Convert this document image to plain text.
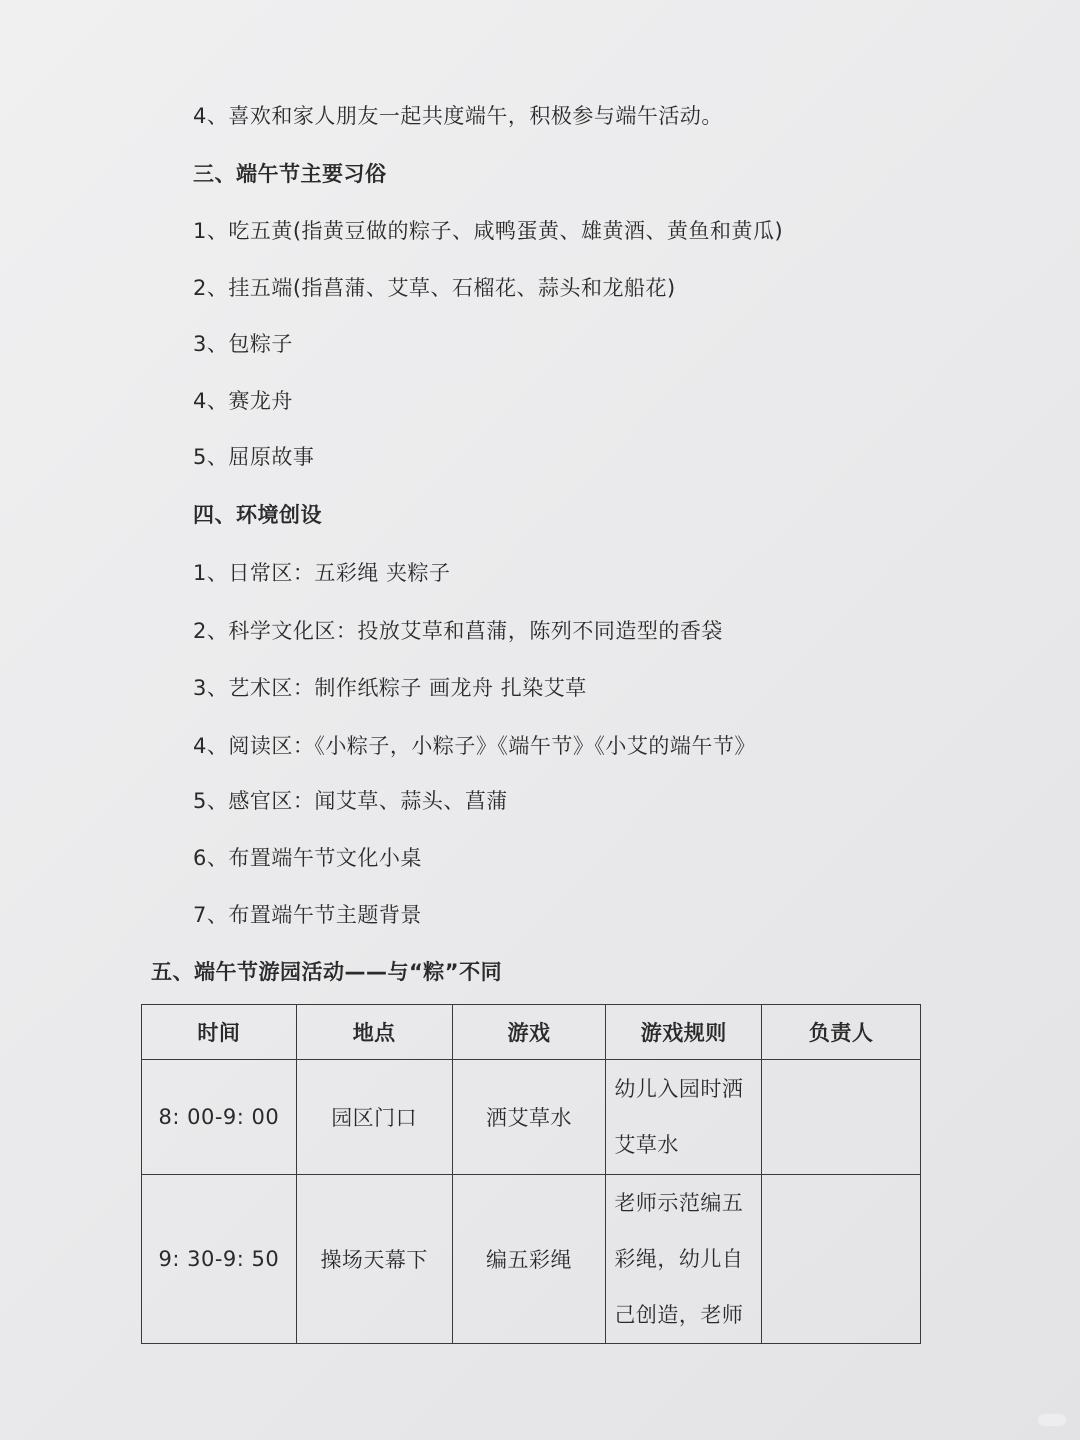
4、喜欢和家人朋友一起共度端午，积极参与端午活动。
三、端午节主要习俗
1、吃五黄(指黄豆做的粽子、咸鸭蛋黄、雄黄酒、黄鱼和黄瓜)
2、挂五端(指菖蒲、艾草、石榴花、蒜头和龙船花)
3、包粽子
4、赛龙舟
5、屈原故事
四、环境创设
1、日常区：五彩绳 夹粽子
2、科学文化区：投放艾草和菖蒲，陈列不同造型的香袋
3、艺术区：制作纸粽子 画龙舟 扎染艾草
4、阅读区：《小粽子，小粽子》《端午节》《小艾的端午节》
5、感官区：闻艾草、蒜头、菖蒲
6、布置端午节文化小桌
7、布置端午节主题背景
五、端午节游园活动——与“粽”不同
时间	地点	游戏	游戏规则	负责人
8: 00-9: 00	园区门口	洒艾草水	幼儿入园时洒
艾草水	

9: 30-9: 50	操场天幕下	编五彩绳	老师示范编五
彩绳，幼儿自
己创造，老师	
